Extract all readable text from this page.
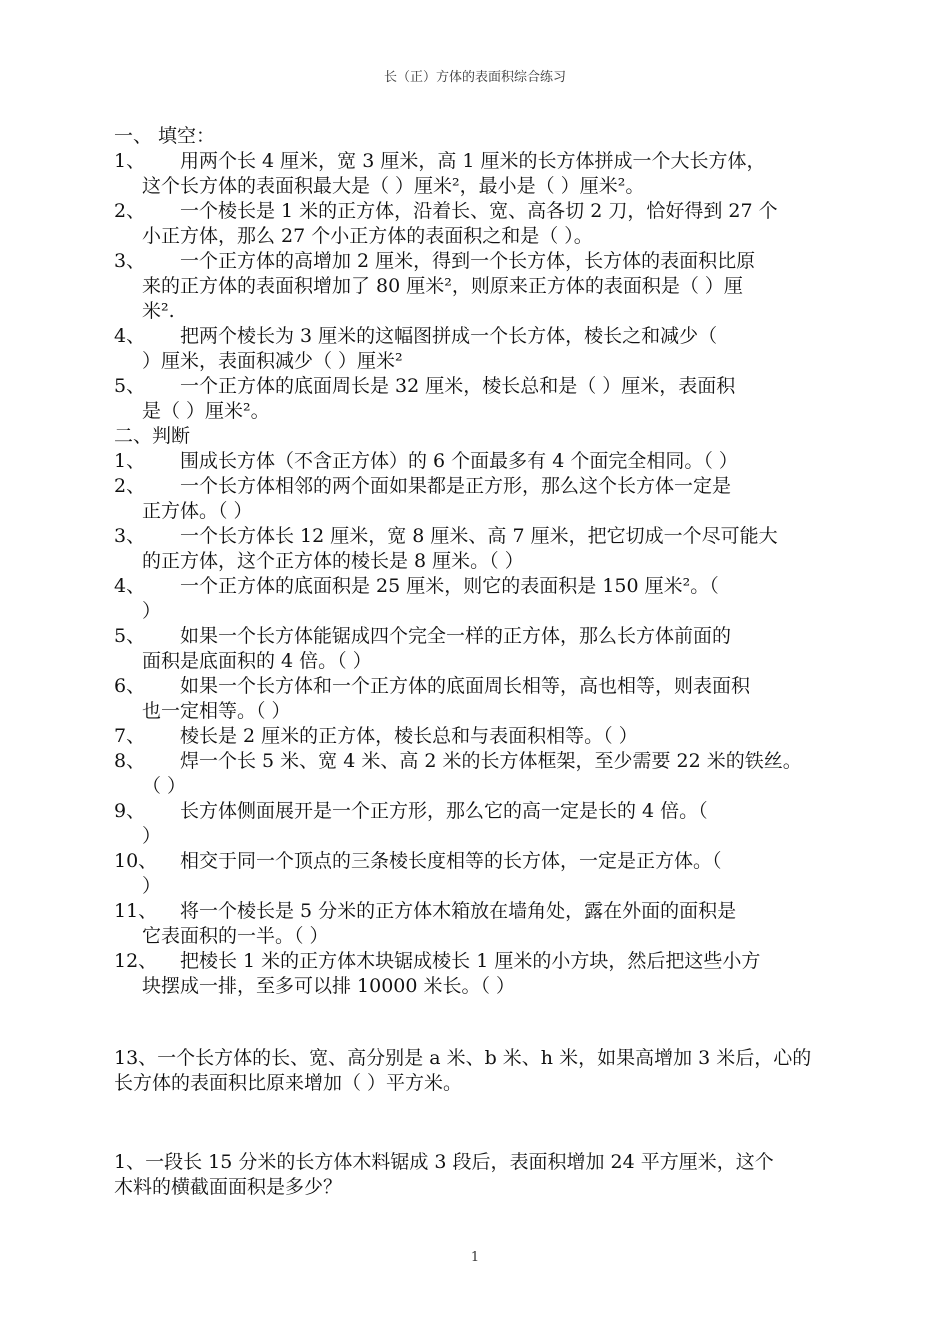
长（正）方体的表面积综合练习

一、 填空：

1、	用两个长 4 厘米，宽 3 厘米，高 1 厘米的长方体拼成一个大长方体，
这个长方体的表面积最大是（ ）厘米²，最小是（ ）厘米²。
2、	一个棱长是 1 米的正方体，沿着长、宽、高各切 2 刀，恰好得到 27 个
小正方体，那么 27 个小正方体的表面积之和是（ ）。
3、	一个正方体的高增加 2 厘米，得到一个长方体，长方体的表面积比原
来的正方体的表面积增加了 80 厘米²，则原来正方体的表面积是（ ）厘
米².
4、	把两个棱长为 3 厘米的这幅图拼成一个长方体，棱长之和减少（
）厘米，表面积减少（ ）厘米²
5、	一个正方体的底面周长是 32 厘米，棱长总和是（ ）厘米，表面积
是（ ）厘米²。

二、判断

1、	围成长方体（不含正方体）的 6 个面最多有 4 个面完全相同。（ ）
2、	一个长方体相邻的两个面如果都是正方形，那么这个长方体一定是
正方体。（ ）
3、	一个长方体长 12 厘米，宽 8 厘米、高 7 厘米，把它切成一个尽可能大
的正方体，这个正方体的棱长是 8 厘米。（ ）
4、	一个正方体的底面积是 25 厘米，则它的表面积是 150 厘米²。（
）
5、	如果一个长方体能锯成四个完全一样的正方体，那么长方体前面的
面积是底面积的 4 倍。（ ）
6、	如果一个长方体和一个正方体的底面周长相等，高也相等，则表面积
也一定相等。（ ）
7、	棱长是 2 厘米的正方体，棱长总和与表面积相等。（ ）
8、	焊一个长 5 米、宽 4 米、高 2 米的长方体框架，至少需要 22 米的铁丝。
（ ）
9、	长方体侧面展开是一个正方形，那么它的高一定是长的 4 倍。（
）
10、	相交于同一个顶点的三条棱长度相等的长方体，一定是正方体。（
）
11、	将一个棱长是 5 分米的正方体木箱放在墙角处，露在外面的面积是
它表面积的一半。（ ）
12、	把棱长 1 米的正方体木块锯成棱长 1 厘米的小方块，然后把这些小方
块摆成一排，至多可以排 10000 米长。（ ）

13、一个长方体的长、宽、高分别是 a 米、b 米、h 米，如果高增加 3 米后，心的

长方体的表面积比原来增加（ ）平方米。

1、一段长 15 分米的长方体木料锯成 3 段后，表面积增加 24 平方厘米，这个

木料的横截面面积是多少？

1
